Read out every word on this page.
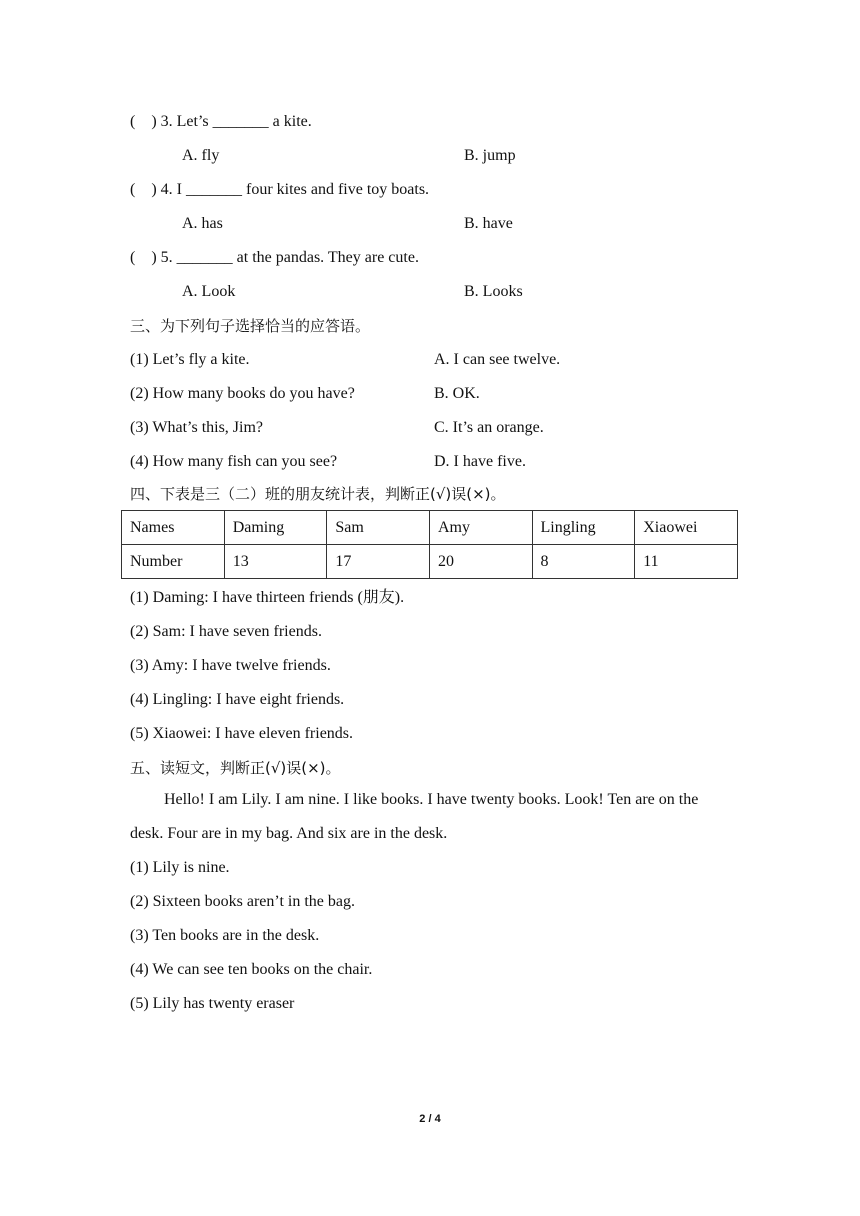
(    ) 3. Let’s _______ a kite.
A. fly	B. jump
(    ) 4. I _______ four kites and five toy boats.
A. has	B. have
(    ) 5. _______ at the pandas. They are cute.
A. Look	B. Looks
三、为下列句子选择恰当的应答语。
(1) Let’s fly a kite.	A. I can see twelve.
(2) How many books do you have?	B. OK.
(3) What’s this, Jim?	C. It’s an orange.
(4) How many fish can you see?	D. I have five.
四、下表是三（二）班的朋友统计表，判断正(√)误(×)。
Names	Daming	Sam	Amy	Lingling	Xiaowei
Number	13	17	20	8	11
(1) Daming: I have thirteen friends (朋友).
(2) Sam: I have seven friends.
(3) Amy: I have twelve friends.
(4) Lingling: I have eight friends.
(5) Xiaowei: I have eleven friends.
五、读短文，判断正(√)误(×)。
Hello! I am Lily. I am nine. I like books. I have twenty books. Look! Ten are on the desk. Four are in my bag. And six are in the desk.
(1) Lily is nine.
(2) Sixteen books aren’t in the bag.
(3) Ten books are in the desk.
(4) We can see ten books on the chair.
(5) Lily has twenty eraser
2 / 4
